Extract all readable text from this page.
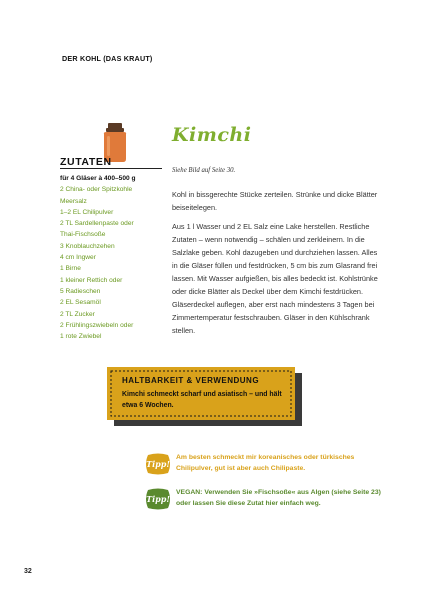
DER KOHL (DAS KRAUT)
ZUTATEN
für 4 Gläser à 400–500 g
2 China- oder Spitzkohle
Meersalz
1–2 EL Chilipulver
2 TL Sardellenpaste oder
Thai-Fischsoße
3 Knoblauchzehen
4 cm Ingwer
1 Birne
1 kleiner Rettich oder
5 Radieschen
2 EL Sesamöl
2 TL Zucker
2 Frühlingszwiebeln oder
1 rote Zwiebel
Kimchi
Siehe Bild auf Seite 30.

Kohl in bissgerechte Stücke zerteilen. Strünke und dicke Blätter beiseitelegen.

Aus 1 l Wasser und 2 EL Salz eine Lake herstellen. Restliche Zutaten – wenn notwendig – schälen und zerkleinern. In die Salzlake geben. Kohl dazugeben und durchziehen lassen. Alles in die Gläser füllen und festdrücken, 5 cm bis zum Glasrand frei lassen. Mit Wasser aufgießen, bis alles bedeckt ist. Kohlstrünke oder dicke Blätter als Deckel über dem Kimchi festdrücken. Gläserdeckel auflegen, aber erst nach mindestens 3 Tagen bei Zimmertemperatur festschrauben. Gläser in den Kühlschrank stellen.

HALTBARKEIT & VERWENDUNG
Kimchi schmeckt scharf und asiatisch – und hält etwa 6 Wochen.
Tipp!
Am besten schmeckt mir koreanisches oder türkisches Chilipulver, gut ist aber auch Chilipaste.
Tipp!
VEGAN: Verwenden Sie »Fischsoße« aus Algen (siehe Seite 23) oder lassen Sie diese Zutat hier einfach weg.
32
